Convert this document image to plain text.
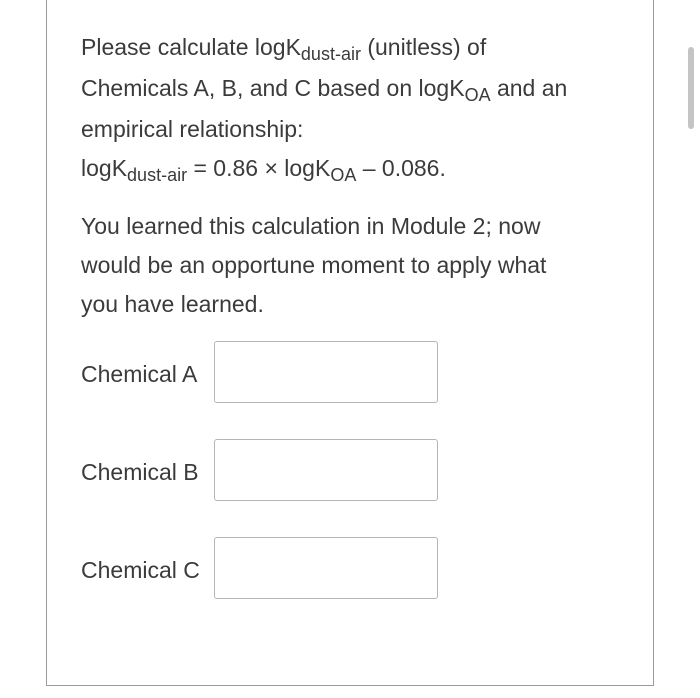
Please calculate logK$_{dust-air}$ (unitless) of
Chemicals A, B, and C based on logK$_{OA}$ and an
empirical relationship:
logK$_{dust-air}$ = 0.86 × logK$_{OA}$ – 0.086.

You learned this calculation in Module 2; now
would be an opportune moment to apply what
you have learned.

Chemical A
Chemical B
Chemical C
